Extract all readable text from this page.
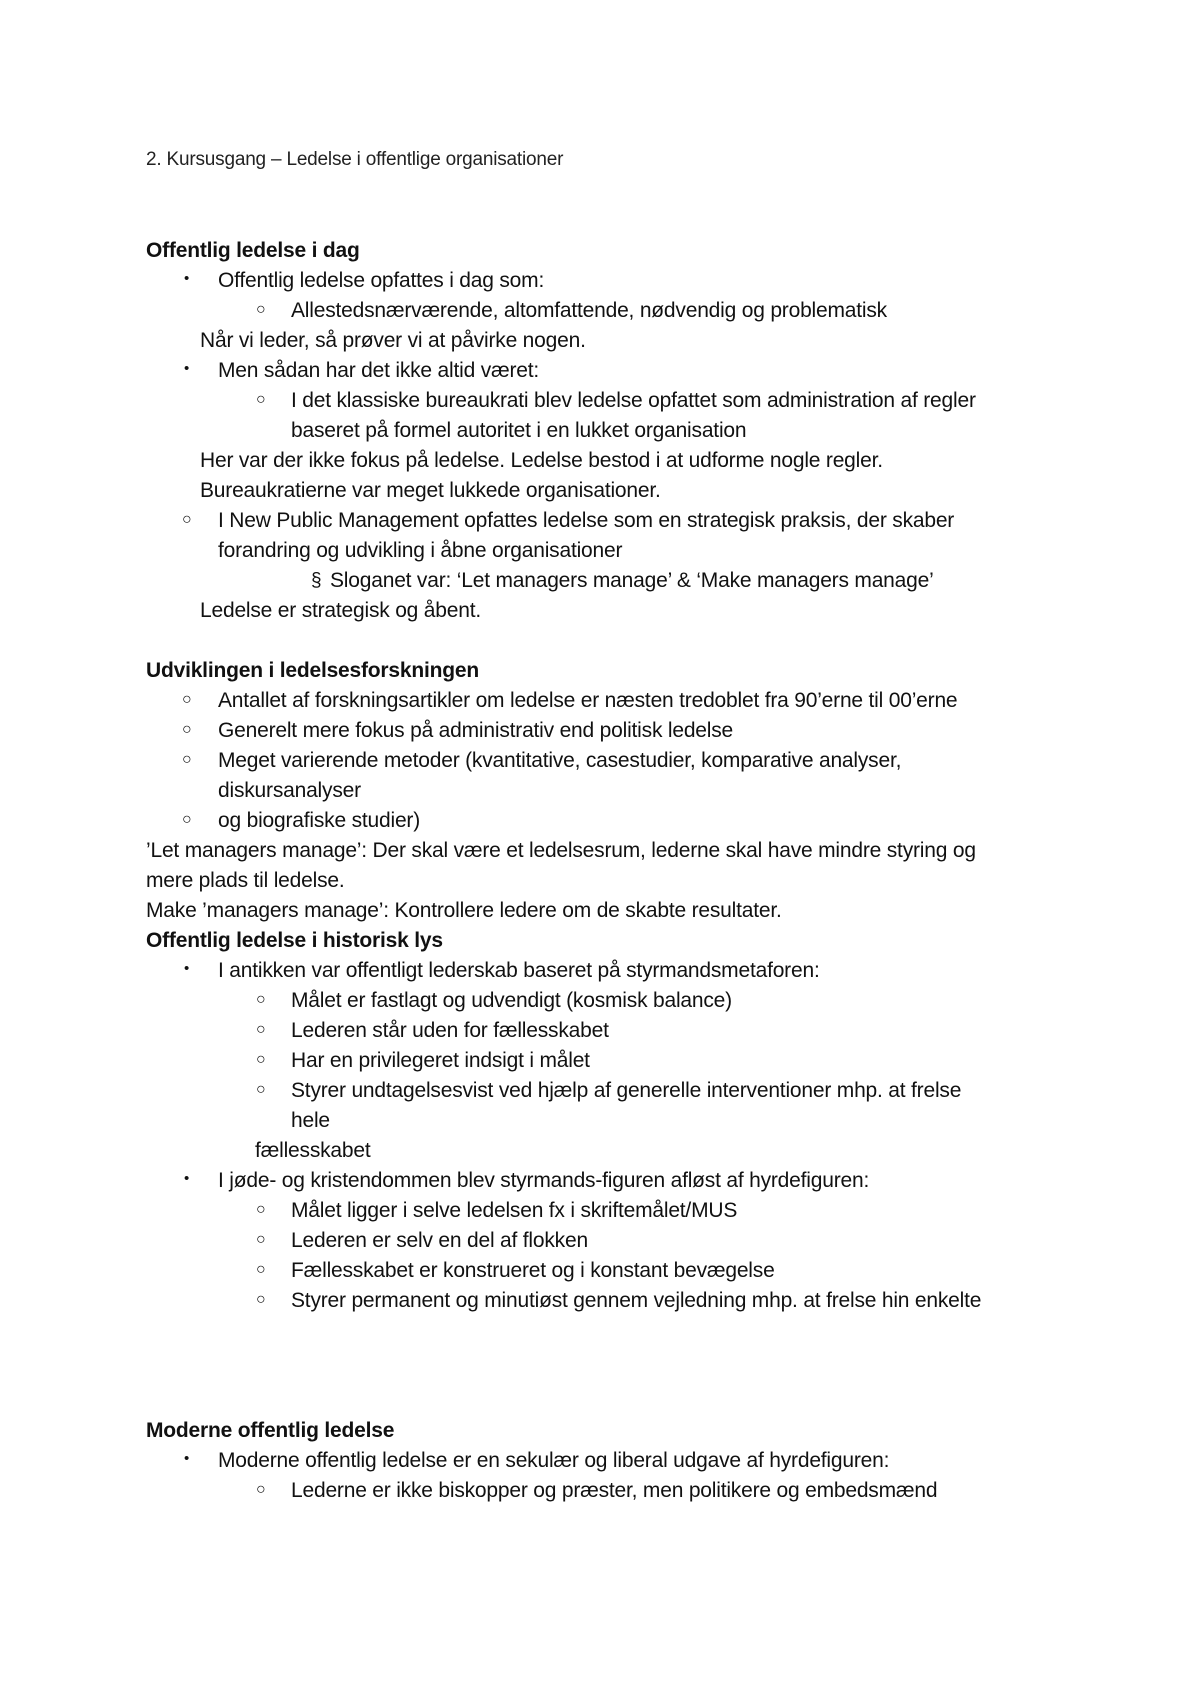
2. Kursusgang – Ledelse i offentlige organisationer
Offentlig ledelse i dag
• Offentlig ledelse opfattes i dag som:
○ Allestedsnærværende, altomfattende, nødvendig og problematisk
Når vi leder, så prøver vi at påvirke nogen.
• Men sådan har det ikke altid været:
○ I det klassiske bureaukrati blev ledelse opfattet som administration af regler
baseret på formel autoritet i en lukket organisation
Her var der ikke fokus på ledelse. Ledelse bestod i at udforme nogle regler.
Bureaukratierne var meget lukkede organisationer.
○ I New Public Management opfattes ledelse som en strategisk praksis, der skaber
forandring og udvikling i åbne organisationer
§ Sloganet var: ‘Let managers manage’ & ‘Make managers manage’
Ledelse er strategisk og åbent.
Udviklingen i ledelsesforskningen
○ Antallet af forskningsartikler om ledelse er næsten tredoblet fra 90’erne til 00’erne
○ Generelt mere fokus på administrativ end politisk ledelse
○ Meget varierende metoder (kvantitative, casestudier, komparative analyser,
diskursanalyser
○ og biografiske studier)
’Let managers manage’: Der skal være et ledelsesrum, lederne skal have mindre styring og
mere plads til ledelse.
Make ’managers manage’: Kontrollere ledere om de skabte resultater.
Offentlig ledelse i historisk lys
• I antikken var offentligt lederskab baseret på styrmandsmetaforen:
○ Målet er fastlagt og udvendigt (kosmisk balance)
○ Lederen står uden for fællesskabet
○ Har en privilegeret indsigt i målet
○ Styrer undtagelsesvist ved hjælp af generelle interventioner mhp. at frelse
hele
fællesskabet
• I jøde- og kristendommen blev styrmands-figuren afløst af hyrdefiguren:
○ Målet ligger i selve ledelsen fx i skriftemålet/MUS
○ Lederen er selv en del af flokken
○ Fællesskabet er konstrueret og i konstant bevægelse
○ Styrer permanent og minutiøst gennem vejledning mhp. at frelse hin enkelte
Moderne offentlig ledelse
• Moderne offentlig ledelse er en sekulær og liberal udgave af hyrdefiguren:
○ Lederne er ikke biskopper og præster, men politikere og embedsmænd
